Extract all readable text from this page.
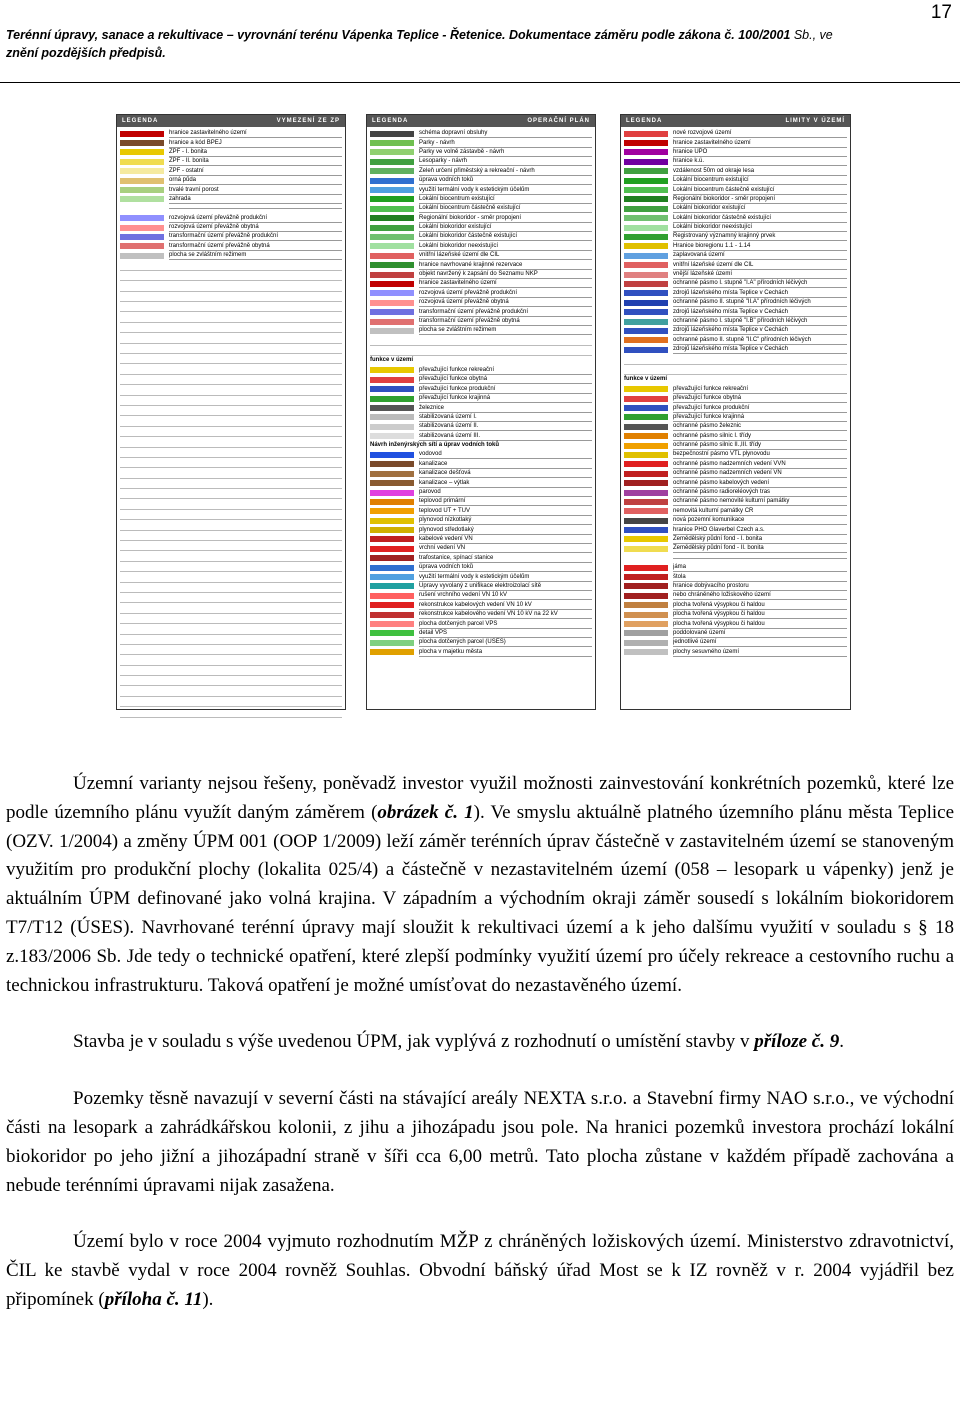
17
Terénní úpravy, sanace a rekultivace – vyrovnání terénu Vápenka Teplice - Řetenice. Dokumentace záměru podle zákona č. 100/2001 Sb., ve
znění pozdějších předpisů.
LEGENDA	VYMEZENÍ ZE ZP
hranice zastavitelného území
hranice a kód BPEJ
ZPF - I. bonita
ZPF - II. bonita
ZPF - ostatní
orná půda
trvalé travní porost
zahrada
rozvojová území převážně produkční
rozvojová území převážně obytná
transformační území převážně produkční
transformační území převážně obytná
plocha se zvláštním režimem
LEGENDA	OPERAČNÍ PLÁN
schéma dopravní obsluhy
Parky - návrh
Parky ve volně zástavbě - návrh
Lesoparky - návrh
Zeleň určení přiměstský a rekreační - návrh
úprava vodních toků
využití termální vody k estetickým účelům
Lokální biocentrum existující
Lokální biocentrum částečně existující
Regionální biokoridor - směr propojení
Lokální biokoridor existující
Lokální biokoridor částečně existující
Lokální biokoridor neexistující
vnitřní lázeňské území dle ČIL
hranice navrhované krajinné rezervace
objekt navržený k zapsání do Seznamu NKP
hranice zastavitelného území
rozvojová území převážně produkční
rozvojová území převážně obytná
transformační území převážně produkční
transformační území převážně obytná
plocha se zvláštním režimem
funkce v území
převažující funkce rekreační
převažující funkce obytná
převažující funkce produkční
převažující funkce krajinná
železnice
stabilizovaná území I.
stabilizovaná území II.
stabilizovaná území III.
Návrh inženýrských sítí a úprav vodních toků
vodovod
kanalizace
kanalizace dešťová
kanalizace – výtlak
parovod
teplovod primární
teplovod ÚT + TÚV
plynovod nízkotlaký
plynovod středotlaký
kabelové vedení VN
vrchní vedení VN
trafostanice, spínací stanice
úprava vodních toků
využití termální vody k estetickým účelům
Úpravy vyvolaný z unifikace elektroizolací sítě
rušení vrchního vedení VN 10 kV
rekonstrukce kabelových vedení VN 10 kV
rekonstrukce kabelového vedení VN 10 kV na 22 kV
plocha dotčených parcel VPS
detail VPS
plocha dotčených parcel (ÚSES)
plocha v majetku města
LEGENDA	LIMITY V ÚZEMÍ
nové rozvojové území
hranice zastavitelného území
hranice ÚPO
hranice k.ú.
vzdálenost 50m od okraje lesa
Lokální biocentrum existující
Lokální biocentrum částečně existující
Regionální biokoridor - směr propojení
Lokální biokoridor existující
Lokální biokoridor částečně existující
Lokální biokoridor neexistující
Registrovaný významný krajinný prvek
Hranice bioregionu 1.1 - 1.14
zaplavovaná území
vnitřní lázeňské území dle ČIL
vnější lázeňské území
ochranné pásmo I. stupně "I.A" přírodních léčivých
zdrojů lázeňského místa Teplice v Čechách
ochranné pásmo II. stupně "II.A" přírodních léčivých
zdrojů lázeňského místa Teplice v Čechách
ochranné pásmo I. stupně "I.B" přírodních léčivých
zdrojů lázeňského místa Teplice v Čechách
ochranné pásmo II. stupně "II.C" přírodních léčivých
zdrojů lázeňského místa Teplice v Čechách
funkce v území
převažující funkce rekreační
převažující funkce obytná
převažující funkce produkční
převažující funkce krajinná
ochranné pásmo železnic
ochranné pásmo silnic I. třídy
ochranné pásmo silnic II.,III. třídy
bezpečnostní pásmo VTL plynovodu
ochranné pásmo nadzemních vedení VVN
ochranné pásmo nadzemních vedení VN
ochranné pásmo kabelových vedení
ochranné pásmo radioreléových tras
ochranné pásmo nemovité kulturní památky
nemovitá kulturní památky ČR
nová pozemní komunikace
hranice PHO Glaverbel Czech a.s.
Zemědělský půdní fond - I. bonita
Zemědělský půdní fond - II. bonita
jáma
štola
hranice dobývacího prostoru
nebo chráněného ložiskového území
plocha tvořená výsypkou či haldou
plocha tvořená výsypkou či haldou
plocha tvořená výsypkou či haldou
poddolované území
jednotlivé území
plochy sesuvného území

Územní varianty nejsou řešeny, poněvadž investor využil možnosti zainvestování konkrétních pozemků, které lze podle územního plánu využít daným záměrem (obrázek č. 1). Ve smyslu aktuálně platného územního plánu města Teplice (OZV. 1/2004) a změny ÚPM 001 (OOP 1/2009) leží záměr terénních úprav částečně v zastavitelném území se stanoveným využitím pro produkční plochy (lokalita 025/4) a částečně v nezastavitelném území (058 – lesopark u vápenky) jenž je aktuálním ÚPM definované jako volná krajina. V západním a východním okraji záměr sousedí s lokálním biokoridorem T7/T12 (ÚSES). Navrhované terénní úpravy mají sloužit k rekultivaci území a k jeho dalšímu využití v souladu s § 18 z.183/2006 Sb. Jde tedy o technické opatření, které zlepší podmínky využití území pro účely rekreace a cestovního ruchu a technickou infrastrukturu. Taková opatření je možné umísťovat do nezastavěného území.

Stavba je v souladu s výše uvedenou ÚPM, jak vyplývá z rozhodnutí o umístění stavby v příloze č. 9.

Pozemky těsně navazují v severní části na stávající areály NEXTA s.r.o. a Stavební firmy NAO s.r.o., ve východní části na lesopark a zahrádkářskou kolonii, z jihu a jihozápadu jsou pole. Na hranici pozemků investora prochází lokální biokoridor po jeho jižní a jihozápadní straně v šíři cca 6,00 metrů. Tato plocha zůstane v každém případě zachována a nebude terénními úpravami nijak zasažena.

Území bylo v roce 2004 vyjmuto rozhodnutím MŽP z chráněných ložiskových území. Ministerstvo zdravotnictví, ČIL ke stavbě vydal v roce 2004 rovněž Souhlas. Obvodní báňský úřad Most se k IZ rovněž v r. 2004 vyjádřil bez připomínek (příloha č. 11).
